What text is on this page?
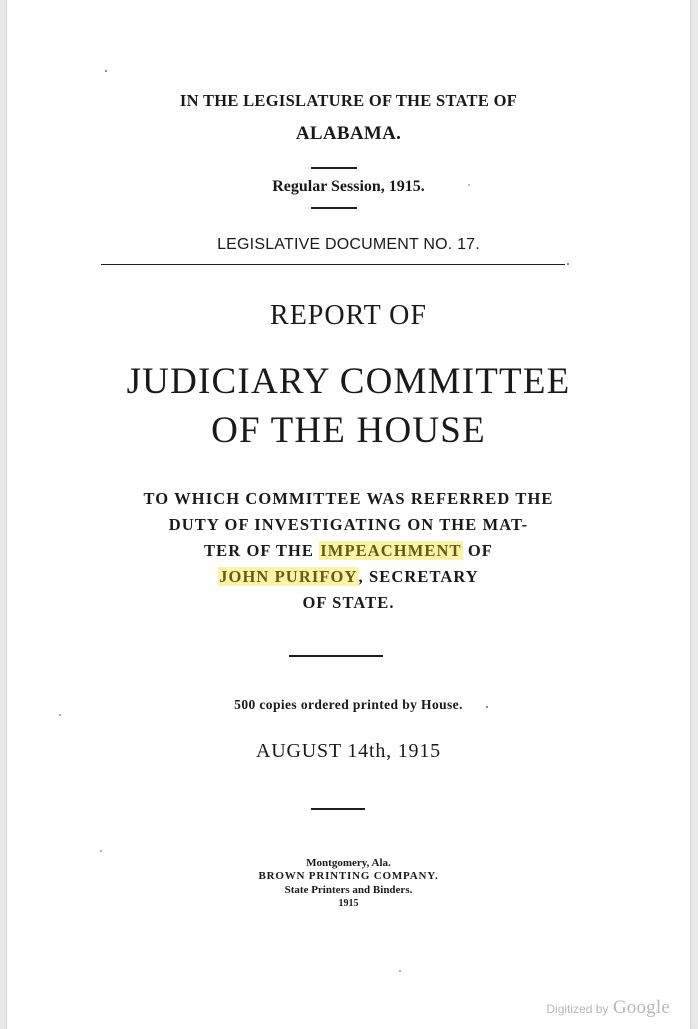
IN THE LEGISLATURE OF THE STATE OF
ALABAMA.
Regular Session, 1915.
LEGISLATIVE DOCUMENT NO. 17.
REPORT OF
JUDICIARY COMMITTEE
OF THE HOUSE
TO WHICH COMMITTEE WAS REFERRED THE
DUTY OF INVESTIGATING ON THE MAT-
TER OF THE IMPEACHMENT OF
JOHN PURIFOY, SECRETARY
OF STATE.
500 copies ordered printed by House.
AUGUST 14th, 1915
Montgomery, Ala.
BROWN PRINTING COMPANY.
State Printers and Binders.
1915
Digitized by Google
